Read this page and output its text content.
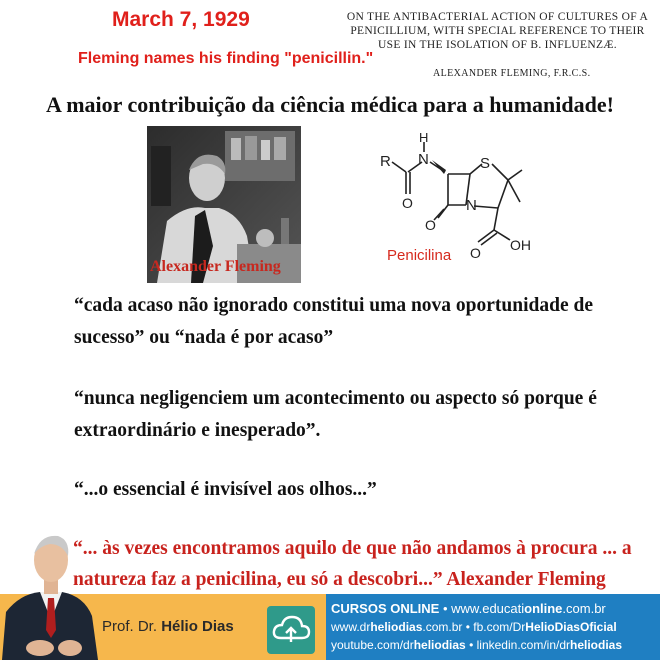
March 7, 1929
Fleming names his finding "penicillin."
ON THE ANTIBACTERIAL ACTION OF CULTURES OF A
PENICILLIUM, WITH SPECIAL REFERENCE TO THEIR
USE IN THE ISOLATION OF B. INFLUENZÆ.
ALEXANDER FLEMING, F.R.C.S.
A maior contribuição da ciência médica para a humanidade!
Alexander Fleming
R N
H
O
O
N
S
OH
O
Penicilina
“cada acaso não ignorado constitui uma nova oportunidade de sucesso” ou “nada é por acaso”
“nunca negligenciem um acontecimento ou aspecto só porque é extraordinário e inesperado”.
“...o essencial é invisível aos olhos...”
“... às vezes encontramos aquilo de que não andamos à procura ... a natureza faz a penicilina, eu só a descobri...” Alexander Fleming
Prof. Dr. Hélio Dias
CURSOS ONLINE • www.educationline.com.br
www.drheliodias.com.br • fb.com/DrHelioDiasOficial
youtube.com/drheliodias • linkedin.com/in/drheliodias
